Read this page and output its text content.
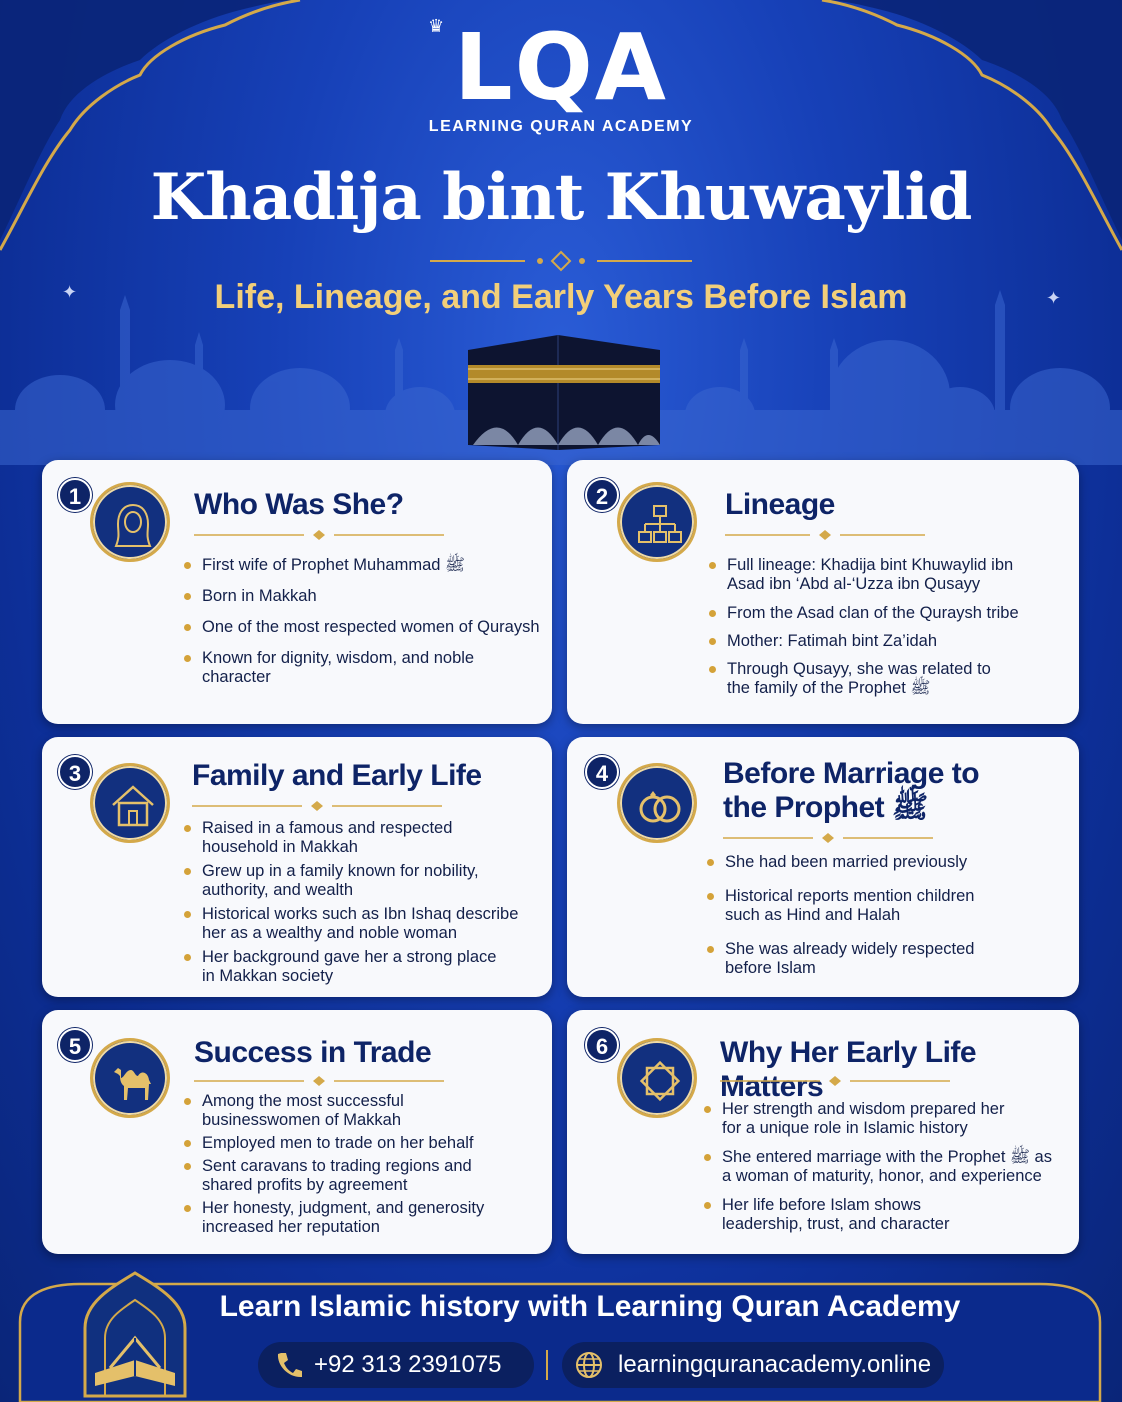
✦	✦
♛ LQA
LEARNING QURAN ACADEMY
Khadija bint Khuwaylid
Life, Lineage, and Early Years Before Islam
Who Was She?
First wife of Prophet Muhammad ﷺ
Born in Makkah
One of the most respected women of Quraysh
Known for dignity, wisdom, and noble character
1	Lineage
Full lineage: Khadija bint Khuwaylid ibn Asad ibn ‘Abd al-‘Uzza ibn Qusayy
From the Asad clan of the Quraysh tribe
Mother: Fatimah bint Za’idah
Through Qusayy, she was related to the family of the Prophet ﷺ
2
Family and Early Life
Raised in a famous and respected household in Makkah
Grew up in a family known for nobility, authority, and wealth
Historical works such as Ibn Ishaq describe her as a wealthy and noble woman
Her background gave her a strong place in Makkan society
3	Before Marriage to the Prophet ﷺ
She had been married previously
Historical reports mention children such as Hind and Halah
She was already widely respected before Islam
4
Success in Trade
Among the most successful businesswomen of Makkah
Employed men to trade on her behalf
Sent caravans to trading regions and shared profits by agreement
Her honesty, judgment, and generosity increased her reputation
5	Why Her Early Life Matters
Her strength and wisdom prepared her for a unique role in Islamic history
She entered marriage with the Prophet ﷺ as a woman of maturity, honor, and experience
Her life before Islam shows leadership, trust, and character
6
Learn Islamic history with Learning Quran Academy
+92 313 2391075	learningquranacademy.online
